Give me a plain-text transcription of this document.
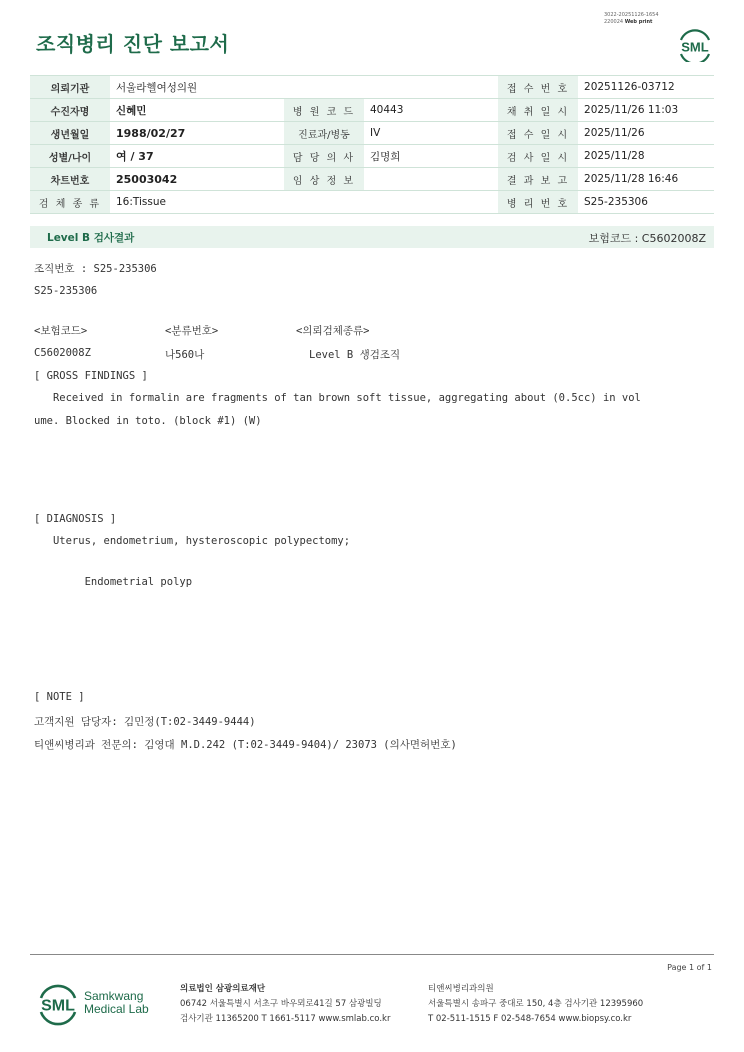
3022-20251126-1654
220024 Web print
조직병리 진단 보고서	SML
의뢰기관	서울라헬여성의원			접 수 번 호	20251126-03712
수진자명	신혜민	병 원 코 드	40443	채 취 일 시	2025/11/26 11:03
생년월일	1988/02/27	진료과/병동	IV	접 수 일 시	2025/11/26
성별/나이	여 / 37	담 당 의 사	김명희	검 사 일 시	2025/11/28
차트번호	25003042	임 상 정 보		결 과 보 고	2025/11/28 16:46
검 체 종 류	16:Tissue			병 리 번 호	S25-235306
Level B 검사결과	보험코드 : C5602008Z
조직번호 : S25-235306
S25-235306
<보험코드>	<분류번호>	<의뢰검체종류>
C5602008Z	나560나	Level B 생검조직
[ GROSS FINDINGS ]
Received in formalin are fragments of tan brown soft tissue, aggregating about (0.5cc) in vol
ume. Blocked in toto. (block #1) (W)
[ DIAGNOSIS ]
Uterus, endometrium, hysteroscopic polypectomy;
Endometrial polyp
[ NOTE ]
고객지원 담당자: 김민정(T:02-3449-9444)
티앤씨병리과 전문의: 김영대 M.D.242 (T:02-3449-9404)/ 23073 (의사면허번호)
Page 1 of 1
SML
Samkwang
Medical Lab
의료법인 삼광의료재단
06742 서울특별시 서초구 바우뫼로41길 57 삼광빌딩
검사기관 11365200 T 1661-5117 www.smlab.co.kr
티앤씨병리과의원
서울특별시 송파구 중대로 150, 4층 검사기관 12395960
T 02-511-1515 F 02-548-7654 www.biopsy.co.kr
